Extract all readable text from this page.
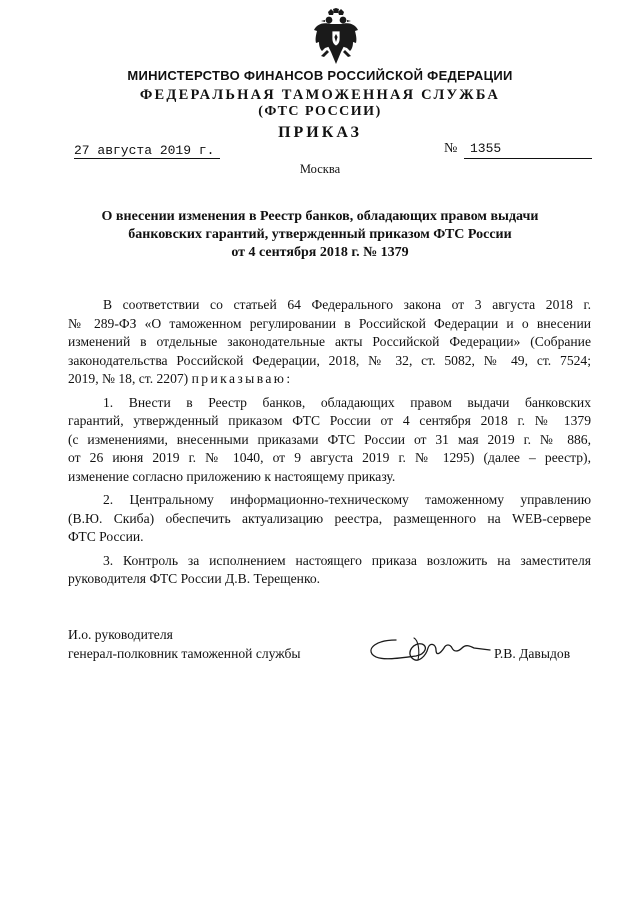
МИНИСТЕРСТВО ФИНАНСОВ РОССИЙСКОЙ ФЕДЕРАЦИИ
ФЕДЕРАЛЬНАЯ ТАМОЖЕННАЯ СЛУЖБА
(ФТС РОССИИ)
ПРИКАЗ
27 августа 2019 г.	№ 1355
Москва
О внесении изменения в Реестр банков, обладающих правом выдачи
банковских гарантий, утвержденный приказом ФТС России
от 4 сентября 2018 г. № 1379
В соответствии со статьей 64 Федерального закона от 3 августа 2018 г.
№ 289-ФЗ «О таможенном регулировании в Российской Федерации и о внесении
изменений в отдельные законодательные акты Российской Федерации» (Собрание
законодательства Российской Федерации, 2018, № 32, ст. 5082, № 49, ст. 7524;
2019, № 18, ст. 2207) приказываю:
1. Внести в Реестр банков, обладающих правом выдачи банковских
гарантий, утвержденный приказом ФТС России от 4 сентября 2018 г. № 1379
(с изменениями, внесенными приказами ФТС России от 31 мая 2019 г. № 886,
от 26 июня 2019 г. № 1040, от 9 августа 2019 г. № 1295) (далее – реестр),
изменение согласно приложению к настоящему приказу.
2. Центральному информационно-техническому таможенному управлению
(В.Ю. Скиба) обеспечить актуализацию реестра, размещенного на WEB-сервере
ФТС России.
3. Контроль за исполнением настоящего приказа возложить на заместителя
руководителя ФТС России Д.В. Терещенко.
И.о. руководителя
генерал-полковник таможенной службы	Р.В. Давыдов
